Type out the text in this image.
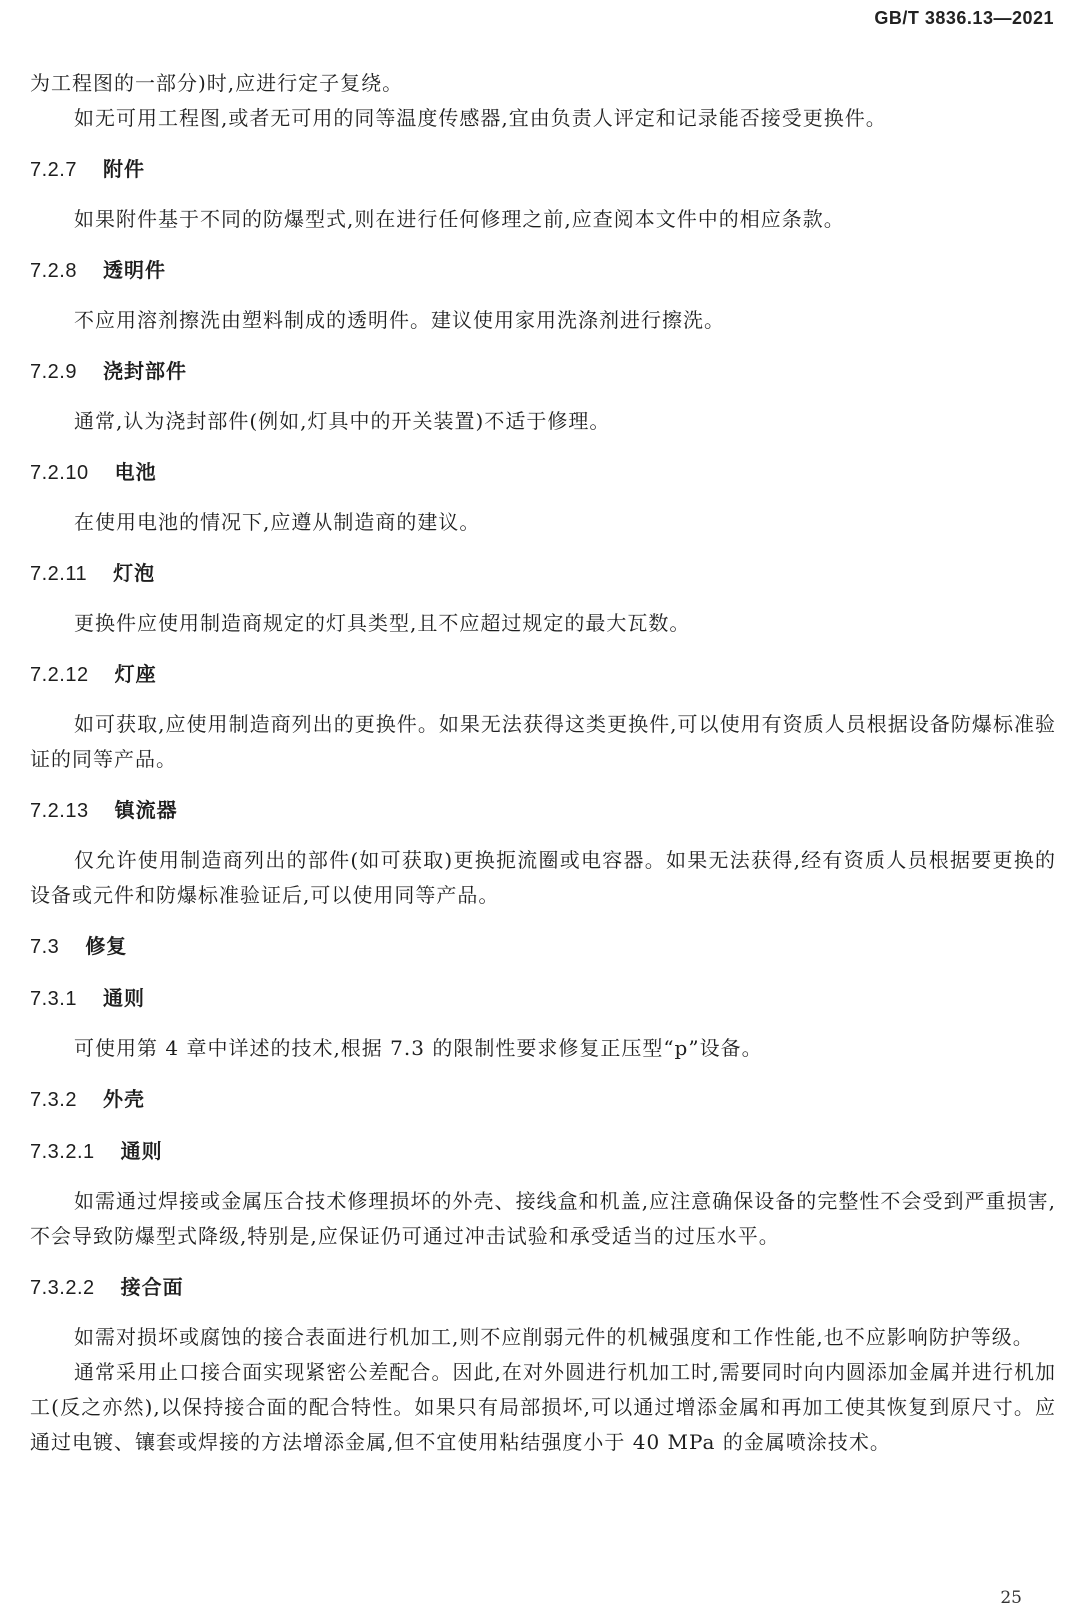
GB/T 3836.13—2021

为工程图的一部分)时,应进行定子复绕。

如无可用工程图,或者无可用的同等温度传感器,宜由负责人评定和记录能否接受更换件。

7.2.7 附件

如果附件基于不同的防爆型式,则在进行任何修理之前,应查阅本文件中的相应条款。

7.2.8 透明件

不应用溶剂擦洗由塑料制成的透明件。建议使用家用洗涤剂进行擦洗。

7.2.9 浇封部件

通常,认为浇封部件(例如,灯具中的开关装置)不适于修理。

7.2.10 电池

在使用电池的情况下,应遵从制造商的建议。

7.2.11 灯泡

更换件应使用制造商规定的灯具类型,且不应超过规定的最大瓦数。

7.2.12 灯座

如可获取,应使用制造商列出的更换件。如果无法获得这类更换件,可以使用有资质人员根据设备防爆标准验证的同等产品。

7.2.13 镇流器

仅允许使用制造商列出的部件(如可获取)更换扼流圈或电容器。如果无法获得,经有资质人员根据要更换的设备或元件和防爆标准验证后,可以使用同等产品。

7.3 修复
7.3.1 通则

可使用第 4 章中详述的技术,根据 7.3 的限制性要求修复正压型“p”设备。

7.3.2 外壳
7.3.2.1 通则

如需通过焊接或金属压合技术修理损坏的外壳、接线盒和机盖,应注意确保设备的完整性不会受到严重损害,不会导致防爆型式降级,特别是,应保证仍可通过冲击试验和承受适当的过压水平。

7.3.2.2 接合面

如需对损坏或腐蚀的接合表面进行机加工,则不应削弱元件的机械强度和工作性能,也不应影响防护等级。

通常采用止口接合面实现紧密公差配合。因此,在对外圆进行机加工时,需要同时向内圆添加金属并进行机加工(反之亦然),以保持接合面的配合特性。如果只有局部损坏,可以通过增添金属和再加工使其恢复到原尺寸。应通过电镀、镶套或焊接的方法增添金属,但不宜使用粘结强度小于 40 MPa 的金属喷涂技术。

25
